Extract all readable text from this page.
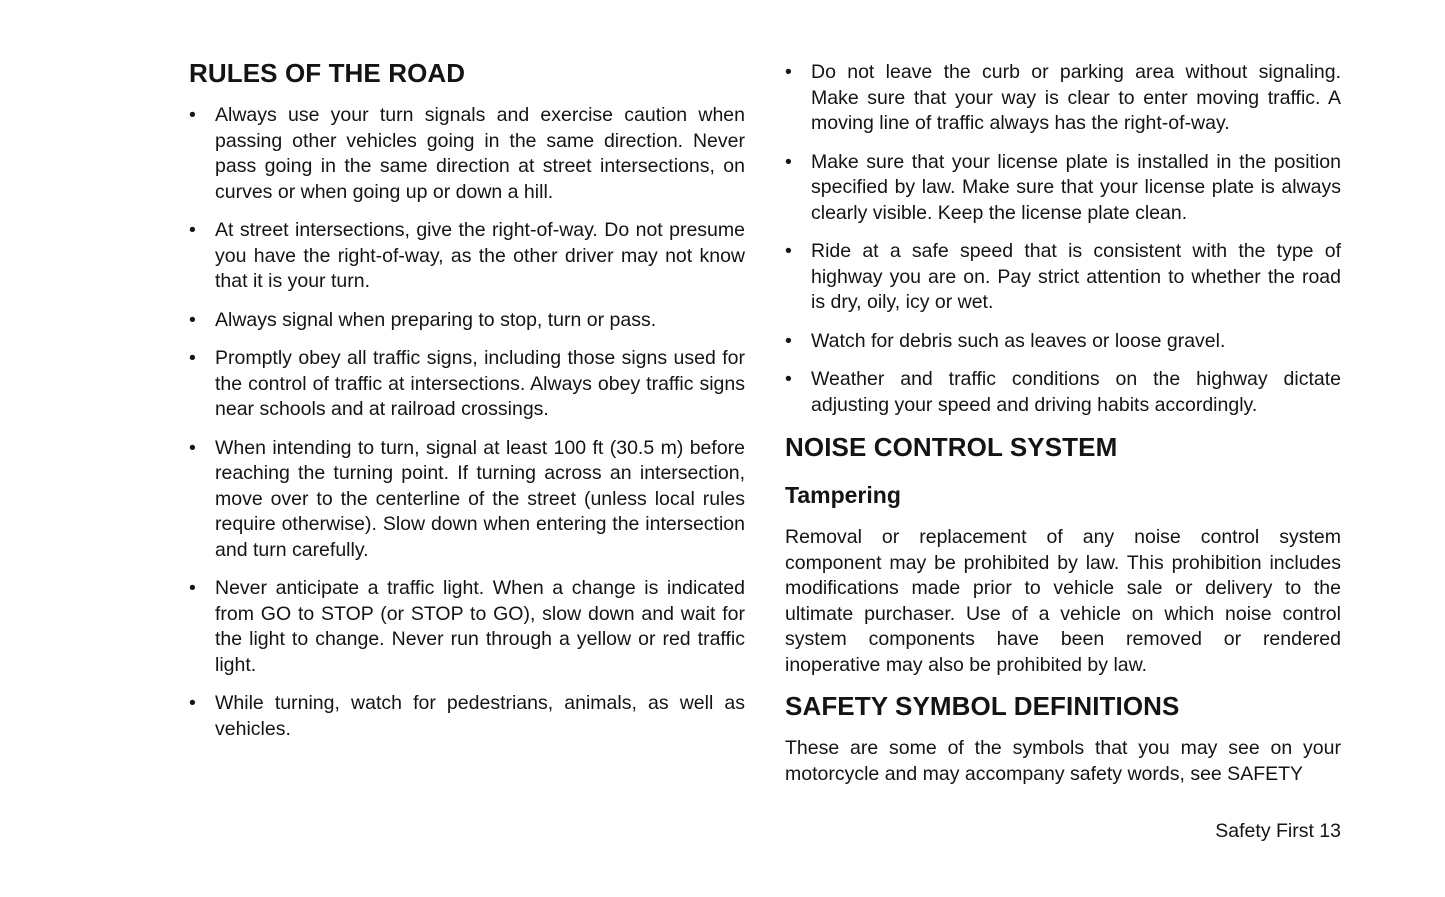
RULES OF THE ROAD
• Always use your turn signals and exercise caution when passing other vehicles going in the same direction. Never pass going in the same direction at street intersections, on curves or when going up or down a hill.
• At street intersections, give the right-of-way. Do not presume you have the right-of-way, as the other driver may not know that it is your turn.
• Always signal when preparing to stop, turn or pass.
• Promptly obey all traffic signs, including those signs used for the control of traffic at intersections. Always obey traffic signs near schools and at railroad crossings.
• When intending to turn, signal at least 100 ft (30.5 m) before reaching the turning point. If turning across an intersection, move over to the centerline of the street (unless local rules require otherwise). Slow down when entering the intersection and turn carefully.
• Never anticipate a traffic light. When a change is indicated from GO to STOP (or STOP to GO), slow down and wait for the light to change. Never run through a yellow or red traffic light.
• While turning, watch for pedestrians, animals, as well as vehicles.
• Do not leave the curb or parking area without signaling. Make sure that your way is clear to enter moving traffic. A moving line of traffic always has the right-of-way.
• Make sure that your license plate is installed in the position specified by law. Make sure that your license plate is always clearly visible. Keep the license plate clean.
• Ride at a safe speed that is consistent with the type of highway you are on. Pay strict attention to whether the road is dry, oily, icy or wet.
• Watch for debris such as leaves or loose gravel.
• Weather and traffic conditions on the highway dictate adjusting your speed and driving habits accordingly.
NOISE CONTROL SYSTEM
Tampering

Removal or replacement of any noise control system component may be prohibited by law. This prohibition includes modifications made prior to vehicle sale or delivery to the ultimate purchaser. Use of a vehicle on which noise control system components have been removed or rendered inoperative may also be prohibited by law.

SAFETY SYMBOL DEFINITIONS

These are some of the symbols that you may see on your motorcycle and may accompany safety words, see SAFETY

Safety First 13
